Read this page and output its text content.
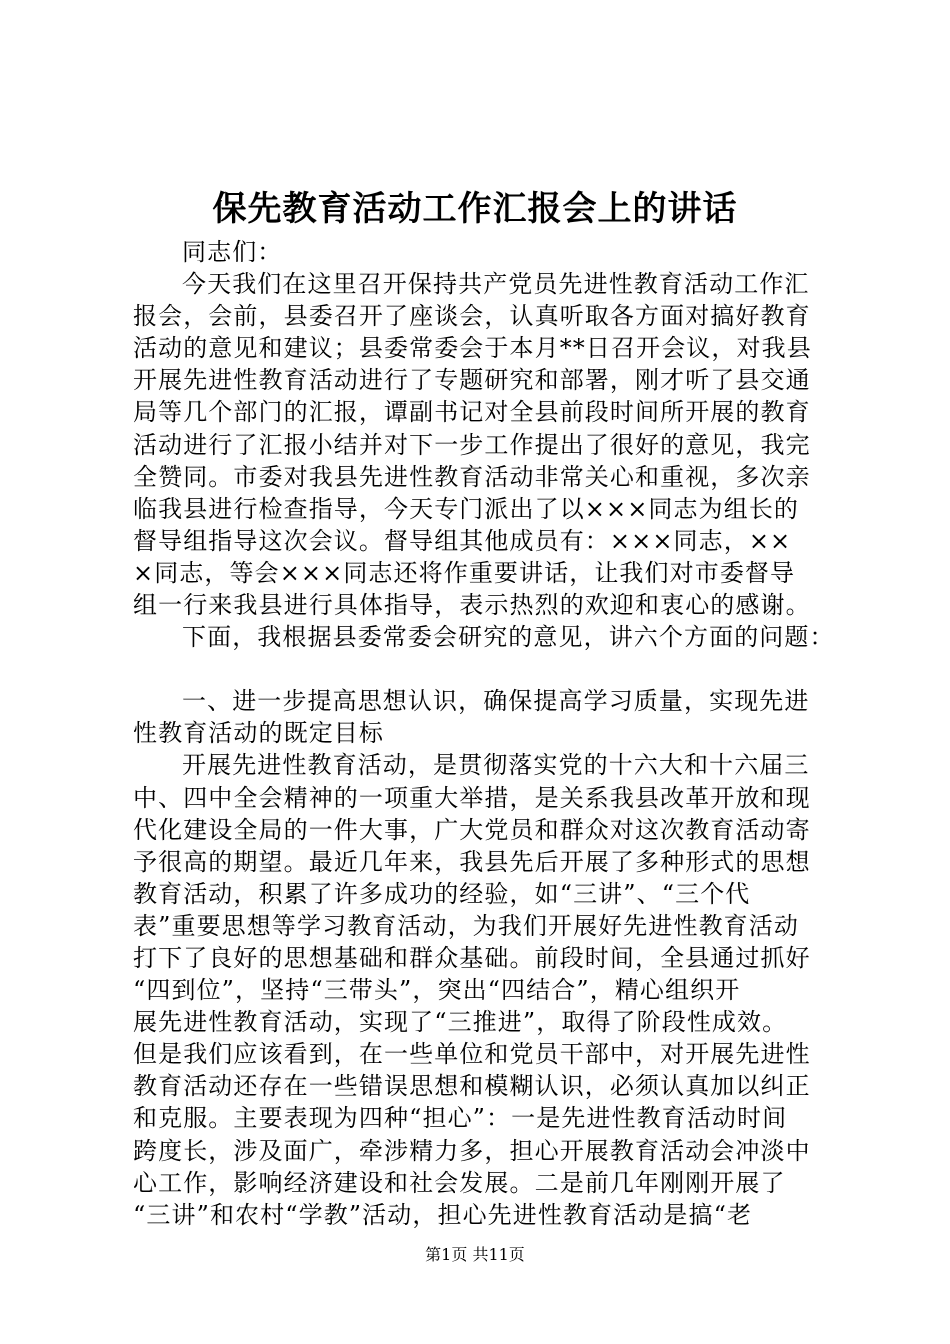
保先教育活动工作汇报会上的讲话
同志们：
今天我们在这里召开保持共产党员先进性教育活动工作汇
报会，会前，县委召开了座谈会，认真听取各方面对搞好教育
活动的意见和建议；县委常委会于本月**日召开会议，对我县
开展先进性教育活动进行了专题研究和部署，刚才听了县交通
局等几个部门的汇报，谭副书记对全县前段时间所开展的教育
活动进行了汇报小结并对下一步工作提出了很好的意见，我完
全赞同。市委对我县先进性教育活动非常关心和重视，多次亲
临我县进行检查指导，今天专门派出了以×××同志为组长的
督导组指导这次会议。督导组其他成员有：×××同志，××
×同志，等会×××同志还将作重要讲话，让我们对市委督导
组一行来我县进行具体指导，表示热烈的欢迎和衷心的感谢。
下面，我根据县委常委会研究的意见，讲六个方面的问题：
一、进一步提高思想认识，确保提高学习质量，实现先进
性教育活动的既定目标
开展先进性教育活动，是贯彻落实党的十六大和十六届三
中、四中全会精神的一项重大举措，是关系我县改革开放和现
代化建设全局的一件大事，广大党员和群众对这次教育活动寄
予很高的期望。最近几年来，我县先后开展了多种形式的思想
教育活动，积累了许多成功的经验，如“三讲”、“三个代
表”重要思想等学习教育活动，为我们开展好先进性教育活动
打下了良好的思想基础和群众基础。前段时间，全县通过抓好
“四到位”，坚持“三带头”，突出“四结合”，精心组织开
展先进性教育活动，实现了“三推进”，取得了阶段性成效。
但是我们应该看到，在一些单位和党员干部中，对开展先进性
教育活动还存在一些错误思想和模糊认识，必须认真加以纠正
和克服。主要表现为四种“担心”：一是先进性教育活动时间
跨度长，涉及面广，牵涉精力多，担心开展教育活动会冲淡中
心工作，影响经济建设和社会发展。二是前几年刚刚开展了
“三讲”和农村“学教”活动，担心先进性教育活动是搞“老
第1页 共11页
